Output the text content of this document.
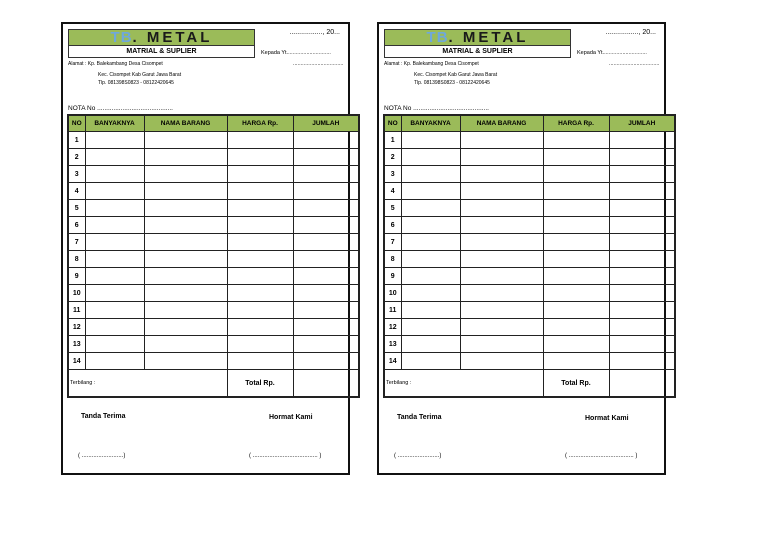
TB . METAL
MATRIAL & SUPLIER
................., 20...
Kepada Yt.............................
.................................
Alamat : Kp. Balekambang Desa Cisompet
Kec. Cisompet Kab Garut Jawa Barat
Tlp. 081398S0823 - 08122420645
NOTA No ..........................................
NO	BANYAKNYA	NAMA BARANG	HARGA Rp.	JUMLAH
1				
2				
3				
4				
5				
6				
7				
8				
9				
10				
11				
12				
13				
14				
Terbilang :			Total Rp.	
Tanda Terima	Hormat Kami
( .........................)	( ....................................... )
TB . METAL
MATRIAL & SUPLIER
................., 20...
Kepada Yt.............................
.................................
Alamat : Kp. Balekambang Desa Cisompet
Kec. Cisompet Kab Garut Jawa Barat
Tlp. 081398S0823 - 08122420645
NOTA No ..........................................
NO	BANYAKNYA	NAMA BARANG	HARGA Rp.	JUMLAH
1				
2				
3				
4				
5				
6				
7				
8				
9				
10				
11				
12				
13				
14				
Terbilang :			Total Rp.	
Tanda Terima	Hormat Kami
( .........................)	( ....................................... )
